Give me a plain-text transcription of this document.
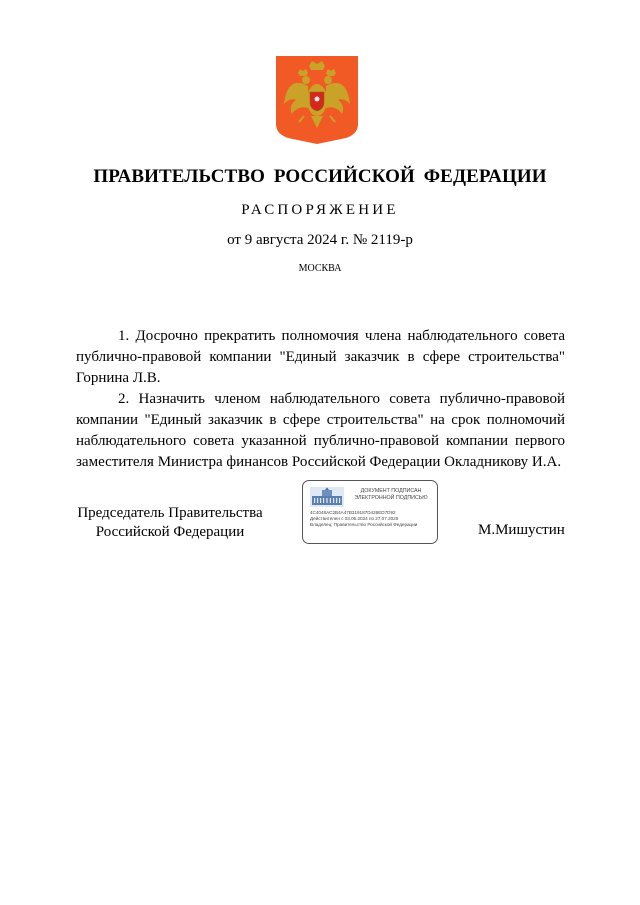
ПРАВИТЕЛЬСТВО РОССИЙСКОЙ ФЕДЕРАЦИИ
РАСПОРЯЖЕНИЕ
от 9 августа 2024 г. № 2119-р
МОСКВА
1. Досрочно прекратить полномочия члена наблюдательного совета публично-правовой компании "Единый заказчик в сфере строительства" Горнина Л.В.
2. Назначить членом наблюдательного совета публично-правовой компании "Единый заказчик в сфере строительства" на срок полномочий наблюдательного совета указанной публично-правовой компании первого заместителя Министра финансов Российской Федерации Окладникову И.А.
Председатель Правительства
Российской Федерации
ДОКУМЕНТ ПОДПИСАН
ЭЛЕКТРОННОЙ ПОДПИСЬЮ
4C4048AC2B4A47B319187D426ED7D92
Действителен с 03.05.2024 по 27.07.2025
Владелец: Правительство Российской Федерации	М.Мишустин
